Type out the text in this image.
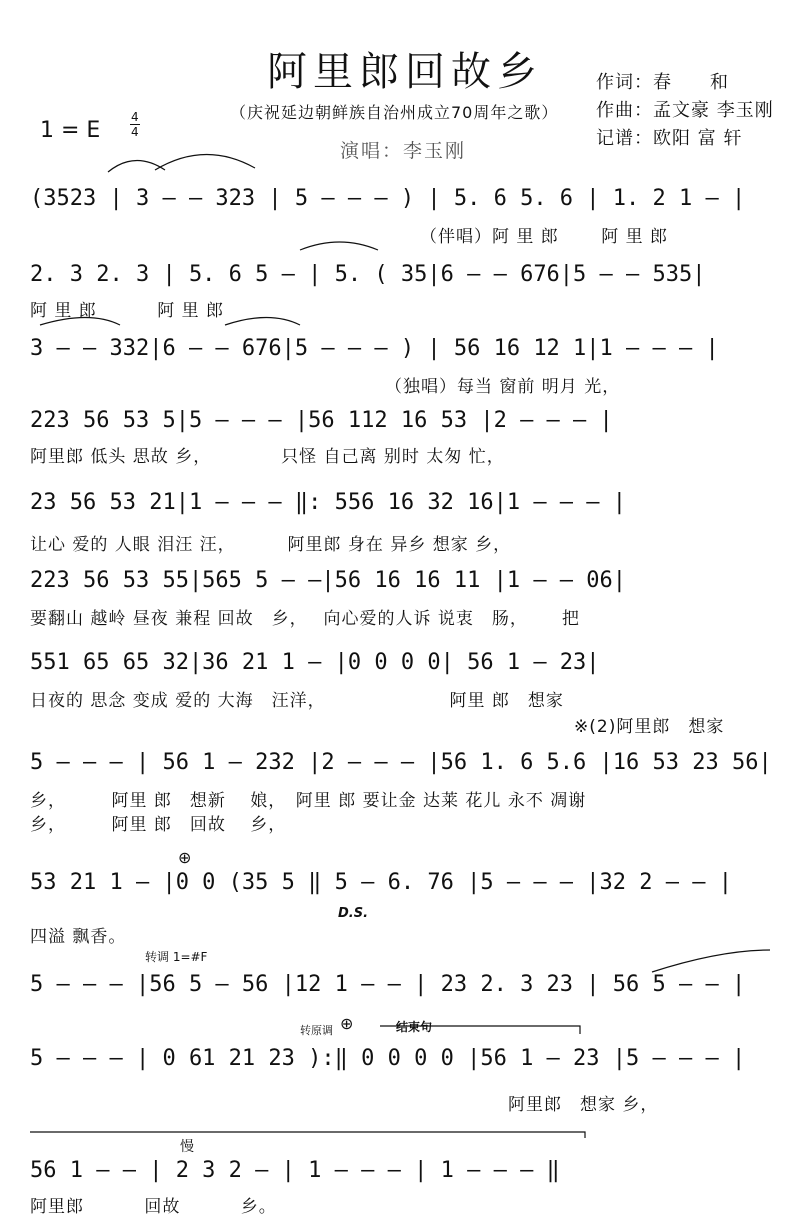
阿里郎回故乡
（庆祝延边朝鲜族自治州成立70周年之歌）
作词：春　　和
作曲：孟文豪 李玉刚
记谱：欧阳 富 轩
演唱：李玉刚
1 = E
4
4
(3523 | 3 — — 323 | 5 — — — ) | 5. 6 5. 6 | 1. 2 1 — |
（伴唱）阿 里 郎　　 阿 里 郎
2. 3 2. 3 | 5. 6 5 — | 5. ( 35|6 — — 676|5 — — 535|
阿 里 郎　　　 阿 里 郎
3 — — 332|6 — — 676|5 — — — ) | 56 16 12 1|1 — — — |
（独唱）每当 窗前 明月 光，
223 56 53 5|5 — — — |56 112 16 53 |2 — — — |
阿里郎 低头 思故 乡，　　　　 只怪 自己离 别时 太匆 忙，
23 56 53 21|1 — — — ‖: 556 16 32 16|1 — — — |
让心 爱的 人眼 泪汪 汪，　　　 阿里郎 身在 异乡 想家 乡，
223 56 53 55|565 5 — —|56 16 16 11 |1 — — 06|
要翻山 越岭 昼夜 兼程 回故　乡，　 向心爱的人诉 说衷　肠，　　 把
551 65 65 32|36 21 1 — |0 0 0 0| 56 1 — 23|
日夜的 思念 变成 爱的 大海　汪洋，　　　　　　　 阿里 郎　想家
※(2)阿里郎　想家
5 — — — | 56 1 — 232 |2 — — — |56 1. 6 5.6 |16 53 23 56|
乡，　　　阿里 郎　想新　 娘，　阿里 郎 要让金 达莱 花儿 永不 凋谢
乡，　　　阿里 郎　回故　 乡，
53 21 1 — |0 0 (35 5 ‖ 5 — 6. 76 |5 — — — |32 2 — — |
D.S.
四溢 飘香。
⊕
转调 1=#F
5 — — — |56 5 — 56 |12 1 — — | 23 2. 3 23 | 56 5 — — |
转原调 ⊕	结束句
5 — — — | 0 61 21 23 ):‖ 0 0 0 0 |56 1 — 23 |5 — — — |
阿里郎　想家 乡，
慢
56 1 — — | 2 3 2 — | 1 — — — | 1 — — — ‖
阿里郎　　　 回故　　　 乡。
